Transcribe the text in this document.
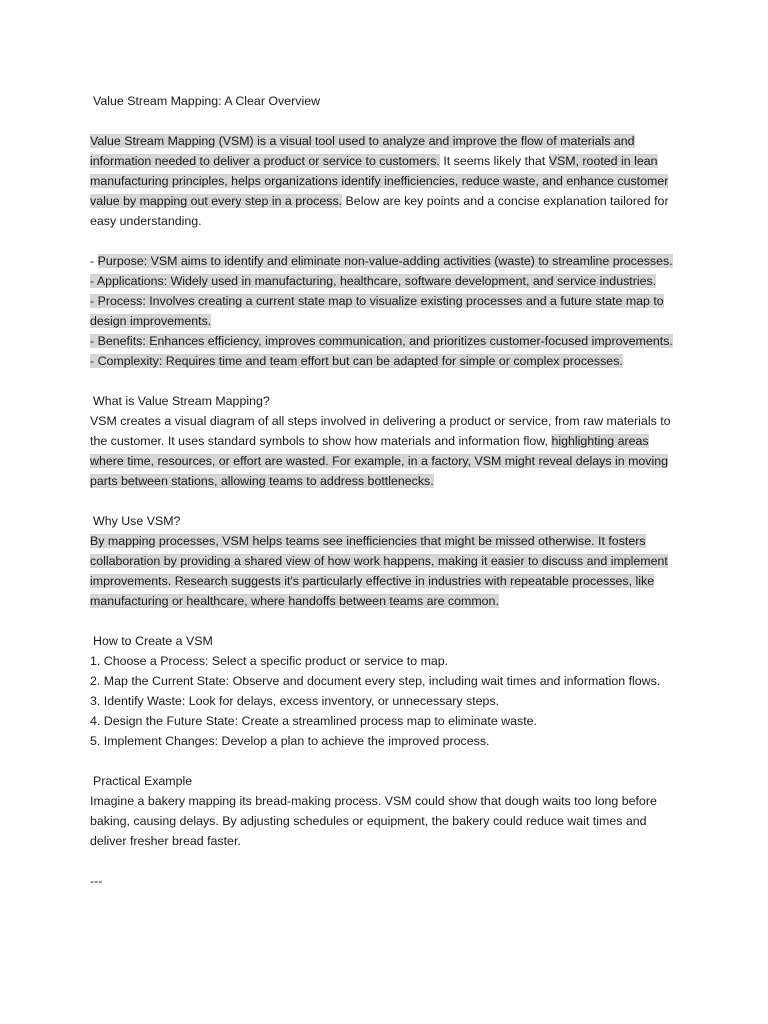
Value Stream Mapping: A Clear Overview

Value Stream Mapping (VSM) is a visual tool used to analyze and improve the flow of materials and information needed to deliver a product or service to customers. It seems likely that VSM, rooted in lean manufacturing principles, helps organizations identify inefficiencies, reduce waste, and enhance customer value by mapping out every step in a process. Below are key points and a concise explanation tailored for easy understanding.

- Purpose: VSM aims to identify and eliminate non-value-adding activities (waste) to streamline processes.

- Applications: Widely used in manufacturing, healthcare, software development, and service industries.

- Process: Involves creating a current state map to visualize existing processes and a future state map to design improvements.

- Benefits: Enhances efficiency, improves communication, and prioritizes customer-focused improvements.

- Complexity: Requires time and team effort but can be adapted for simple or complex processes.

What is Value Stream Mapping?

VSM creates a visual diagram of all steps involved in delivering a product or service, from raw materials to the customer. It uses standard symbols to show how materials and information flow, highlighting areas where time, resources, or effort are wasted. For example, in a factory, VSM might reveal delays in moving parts between stations, allowing teams to address bottlenecks.

Why Use VSM?

By mapping processes, VSM helps teams see inefficiencies that might be missed otherwise. It fosters collaboration by providing a shared view of how work happens, making it easier to discuss and implement improvements. Research suggests it's particularly effective in industries with repeatable processes, like manufacturing or healthcare, where handoffs between teams are common.

How to Create a VSM

1. Choose a Process: Select a specific product or service to map.

2. Map the Current State: Observe and document every step, including wait times and information flows.

3. Identify Waste: Look for delays, excess inventory, or unnecessary steps.

4. Design the Future State: Create a streamlined process map to eliminate waste.

5. Implement Changes: Develop a plan to achieve the improved process.

Practical Example

Imagine a bakery mapping its bread-making process. VSM could show that dough waits too long before baking, causing delays. By adjusting schedules or equipment, the bakery could reduce wait times and deliver fresher bread faster.

---
